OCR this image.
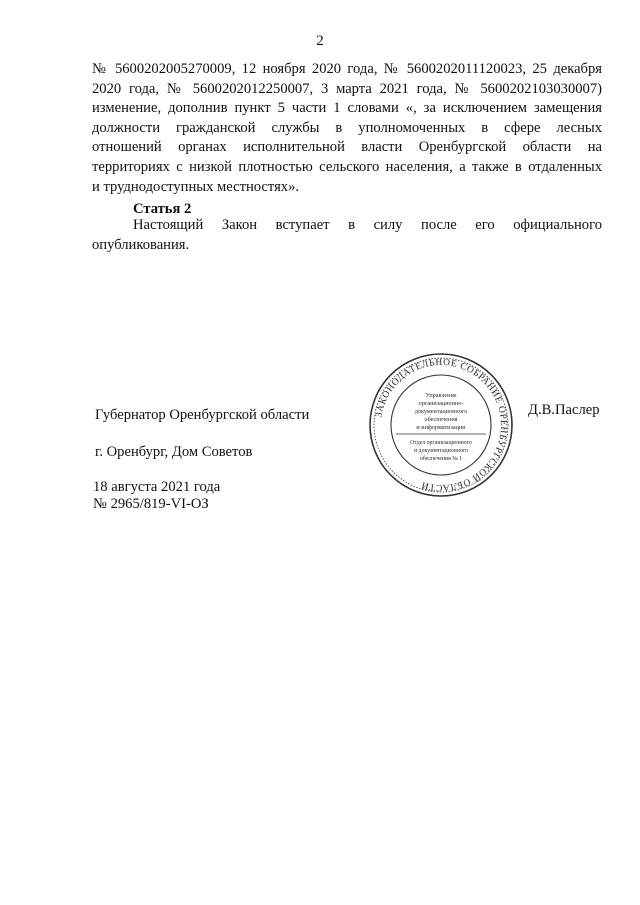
2
№ 5600202005270009, 12 ноября 2020 года, № 5600202011120023, 25 декабря
2020 года, № 5600202012250007, 3 марта 2021 года, № 5600202103030007)
изменение, дополнив пункт 5 части 1 словами «, за исключением замещения
должности гражданской службы в уполномоченных в сфере лесных
отношений органах исполнительной власти Оренбургской области на
территориях с низкой плотностью сельского населения, а также в отдаленных
и труднодоступных местностях».
Статья 2
Настоящий Закон вступает в силу после его официального
опубликования.
Губернатор Оренбургской области	Д.В.Паслер
ЗАКОНОДАТЕЛЬНОЕ СОБРАНИЕ ОРЕНБУРГСКОЙ ОБЛАСТИ
Управление
организационно-
документационного
обеспечения
и информатизации
Отдел организационного
и документационного
обеспечения № 1
г. Оренбург, Дом Советов
18 августа 2021 года
№ 2965/819-VI-ОЗ
